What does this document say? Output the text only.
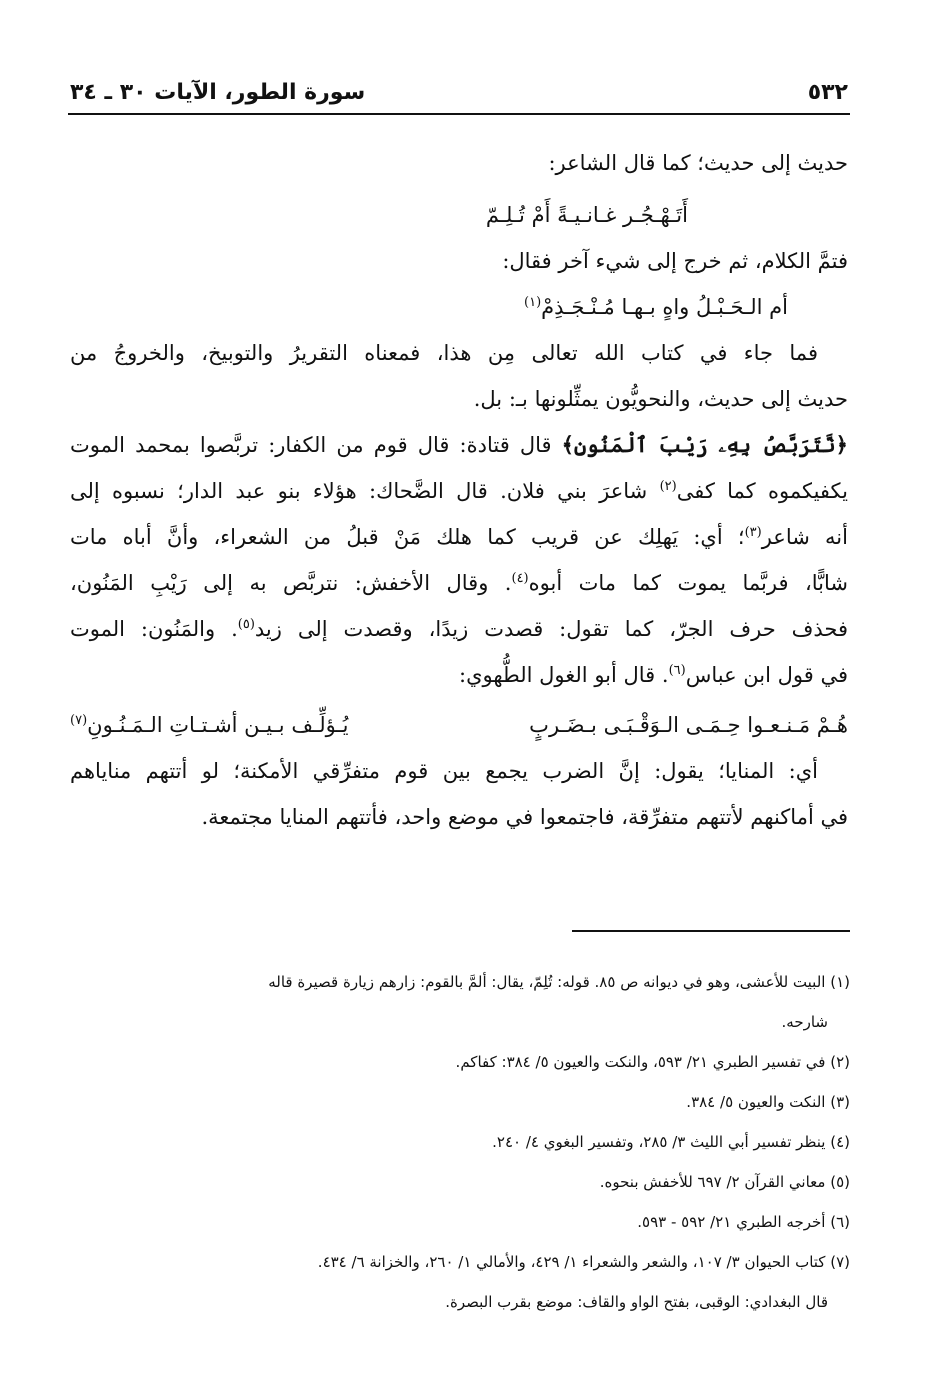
٥٣٢
سورة الطور، الآيات ٣٠ ـ ٣٤
حديث إلى حديث؛ كما قال الشاعر:
أَتَـهْـجُـر غـانـيـةً أَمْ تُـلِـمّ
فتمَّ الكلام، ثم خرج إلى شيء آخر فقال:
أم الـحَـبْـلُ واهٍ بـهـا مُـنْـجَـذِمْ$^{(١)}$
فما جاء في كتاب الله تعالى مِن هذا، فمعناه التقريرُ والتوبيخ، والخروجُ من
حديث إلى حديث، والنحويُّون يمثِّلونها بـ: بل.
﴿نَّتَرَبَّصُ بِهِۦ رَيْبَ ٱلْمَنُونِ﴾ قال قتادة: قال قوم من الكفار: تربَّصوا بمحمد الموت
يكفيكموه كما كفى$^{(٢)}$ شاعرَ بني فلان. قال الضَّحاك: هؤلاء بنو عبد الدار؛ نسبوه إلى
أنه شاعر$^{(٣)}$؛ أي: يَهلِك عن قريب كما هلك مَنْ قبلُ من الشعراء، وأنَّ أباه مات
شابًّا، فربَّما يموت كما مات أبوه$^{(٤)}$. وقال الأخفش: نتربَّص به إلى رَيْبِ المَنُون،
فحذف حرف الجرّ، كما تقول: قصدت زيدًا، وقصدت إلى زيد$^{(٥)}$. والمَنُون: الموت
في قول ابن عباس$^{(٦)}$. قال أبو الغول الطُّهوي:
هُـمْ مَـنـعـوا حِـمَـى الـوَقْـبَـى بـضَـربٍ
يُـؤلِّـف بـيـن أشـتـاتِ الـمَـنُـونِ$^{(٧)}$
أي: المنايا؛ يقول: إنَّ الضرب يجمع بين قوم متفرِّقي الأمكنة؛ لو أتتهم مناياهم
في أماكنهم لأتتهم متفرِّقة، فاجتمعوا في موضع واحد، فأتتهم المنايا مجتمعة.
(١) البيت للأعشى، وهو في ديوانه ص ٨٥. قوله: تُلِمّ، يقال: ألمَّ بالقوم: زارهم زيارة قصيرة قاله
شارحه.
(٢) في تفسير الطبري ٢١/ ٥٩٣، والنكت والعيون ٥/ ٣٨٤: كفاكم.
(٣) النكت والعيون ٥/ ٣٨٤.
(٤) ينظر تفسير أبي الليث ٣/ ٢٨٥، وتفسير البغوي ٤/ ٢٤٠.
(٥) معاني القرآن ٢/ ٦٩٧ للأخفش بنحوه.
(٦) أخرجه الطبري ٢١/ ٥٩٢ - ٥٩٣.
(٧) كتاب الحيوان ٣/ ١٠٧، والشعر والشعراء ١/ ٤٢٩، والأمالي ١/ ٢٦٠، والخزانة ٦/ ٤٣٤.
قال البغدادي: الوقبى، بفتح الواو والقاف: موضع بقرب البصرة.
